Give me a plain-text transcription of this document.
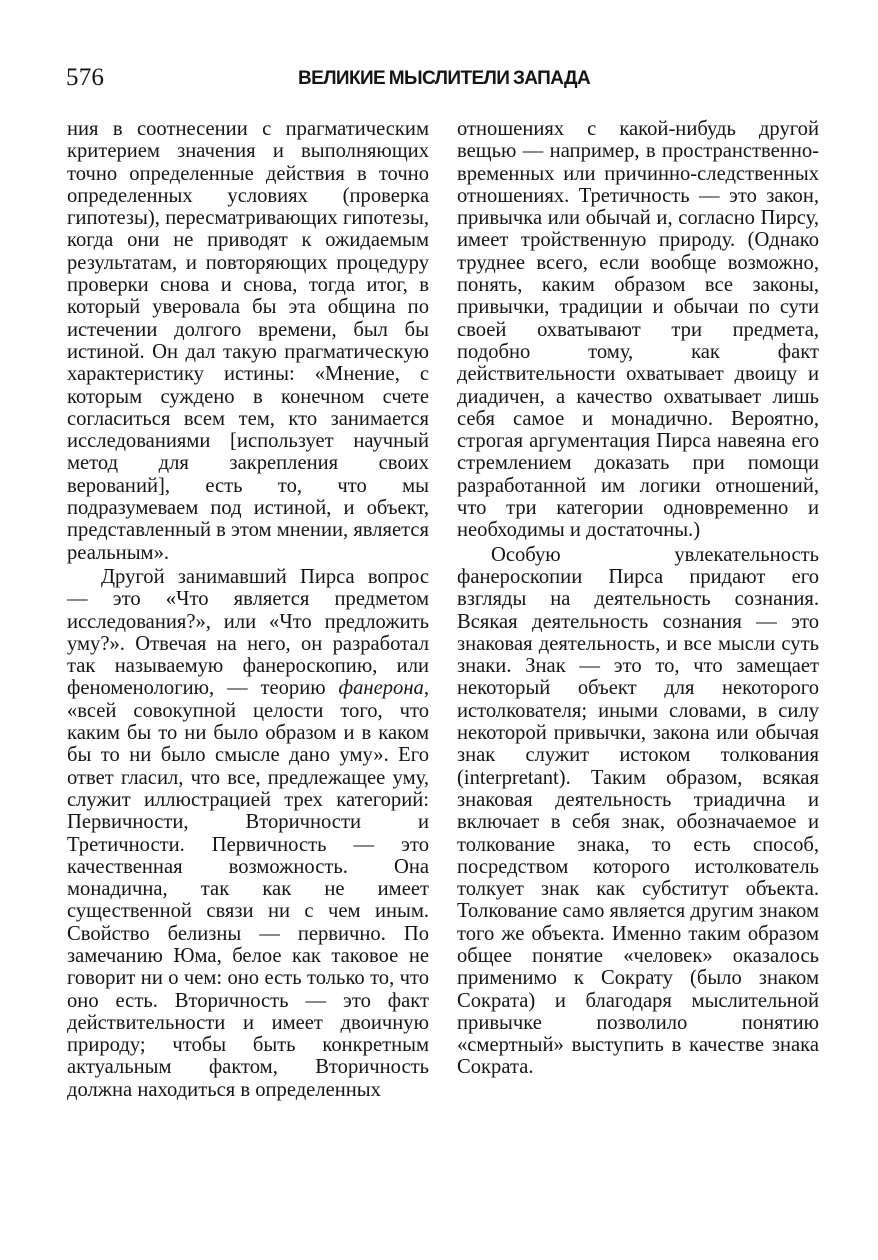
576	ВЕЛИКИЕ МЫСЛИТЕЛИ ЗАПАДА

ния в соотнесении с прагматическим критерием значения и выполняющих точно определенные действия в точно определенных условиях (проверка гипотезы), пересматривающих гипотезы, когда они не приводят к ожидаемым результатам, и повторяющих процедуру проверки снова и снова, тогда итог, в который уверовала бы эта община по истечении долгого времени, был бы истиной. Он дал такую прагматическую характеристику истины: «Мнение, с которым суждено в конечном счете согласиться всем тем, кто занимается исследованиями [использует научный метод для закрепления своих верований], есть то, что мы подразумеваем под истиной, и объект, представленный в этом мнении, является реальным».

Другой занимавший Пирса вопрос — это «Что является предметом исследования?», или «Что предложить уму?». Отвечая на него, он разработал так называемую фанероскопию, или феноменологию, — теорию фанерона, «всей совокупной целости того, что каким бы то ни было образом и в каком бы то ни было смысле дано уму». Его ответ гласил, что все, предлежащее уму, служит иллюстрацией трех категорий: Первичности, Вторичности и Третичности. Первичность — это качественная возможность. Она монадична, так как не имеет существенной связи ни с чем иным. Свойство белизны — первично. По замечанию Юма, белое как таковое не говорит ни о чем: оно есть только то, что оно есть. Вторичность — это факт действительности и имеет двоичную природу; чтобы быть конкретным актуальным фактом, Вторичность должна находиться в определенных

отношениях с какой-нибудь другой вещью — например, в пространственно-временных или причинно-следственных отношениях. Третичность — это закон, привычка или обычай и, согласно Пирсу, имеет тройственную природу. (Однако труднее всего, если вообще возможно, понять, каким образом все законы, привычки, традиции и обычаи по сути своей охватывают три предмета, подобно тому, как факт действительности охватывает двоицу и диадичен, а качество охватывает лишь себя самое и монадично. Вероятно, строгая аргументация Пирса навеяна его стремлением доказать при помощи разработанной им логики отношений, что три категории одновременно и необходимы и достаточны.)

Особую увлекательность фанероскопии Пирса придают его взгляды на деятельность сознания. Всякая деятельность сознания — это знаковая деятельность, и все мысли суть знаки. Знак — это то, что замещает некоторый объект для некоторого истолкователя; иными словами, в силу некоторой привычки, закона или обычая знак служит истоком толкования (interpretant). Таким образом, всякая знаковая деятельность триадична и включает в себя знак, обозначаемое и толкование знака, то есть способ, посредством которого истолкователь толкует знак как субститут объекта. Толкование само является другим знаком того же объекта. Именно таким образом общее понятие «человек» оказалось применимо к Сократу (было знаком Сократа) и благодаря мыслительной привычке позволило понятию «смертный» выступить в качестве знака Сократа.
